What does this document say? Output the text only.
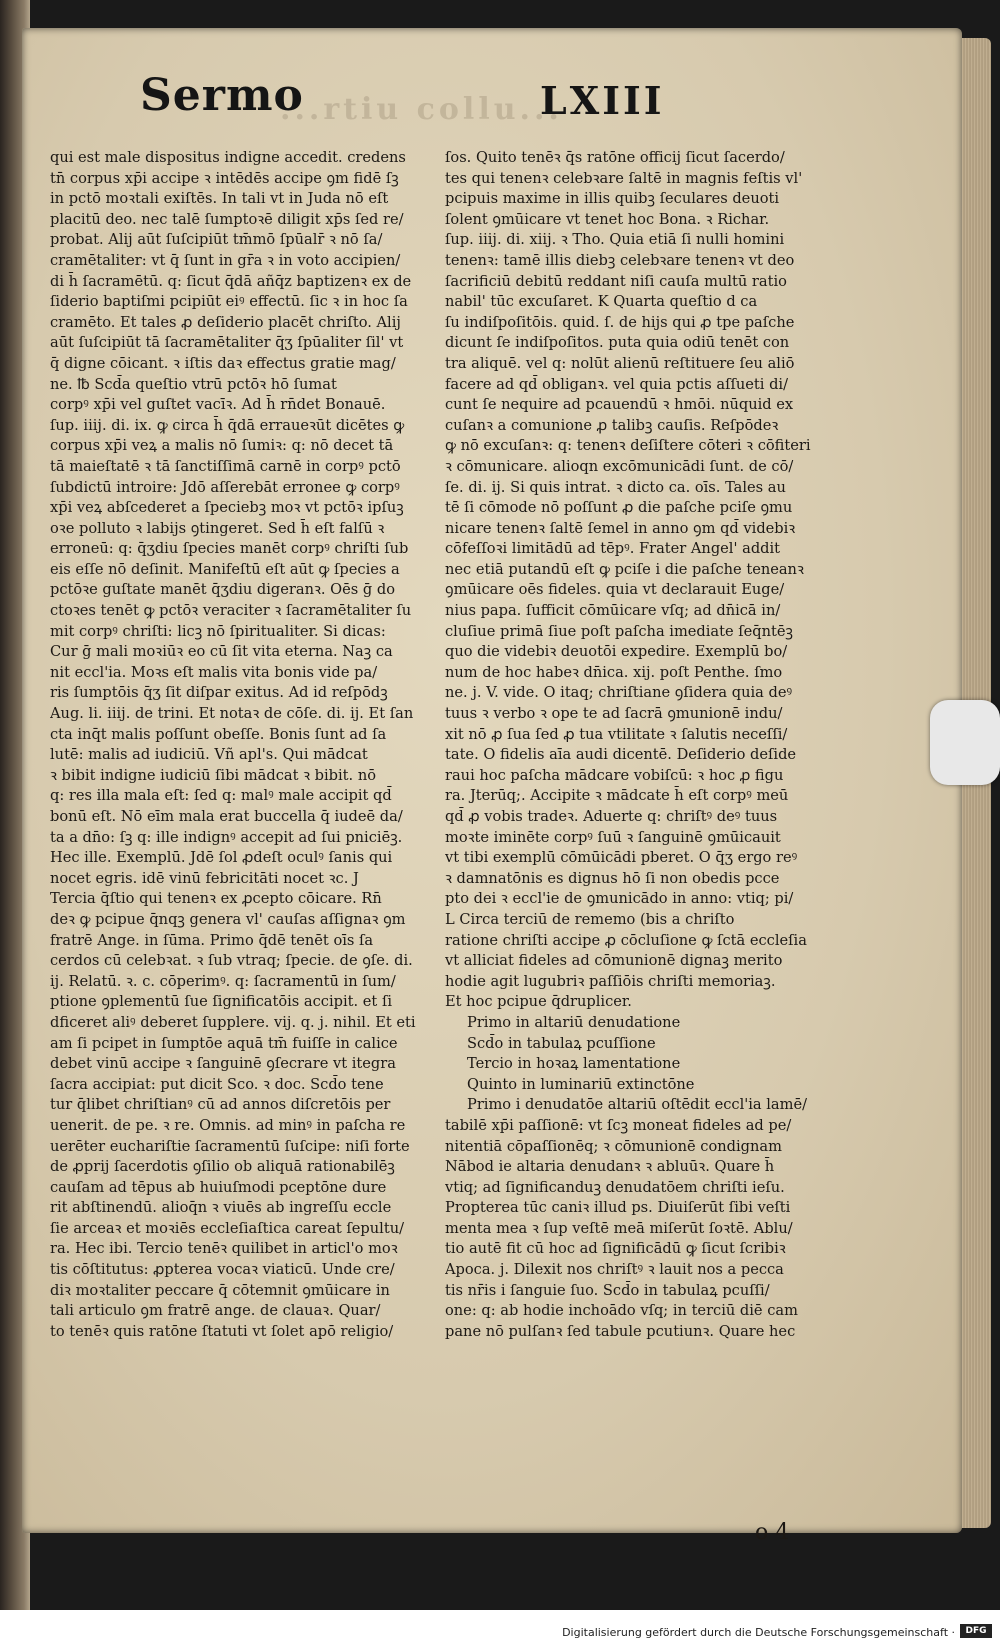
...rtiu collu...
Sermo	LXIII
qui est male dispositus indigne accedit. credens
tn̄ corpus xp̄i accipe ꝛ intēdēs accipe ꝯm fidē ſꝫ
in pctō moꝛtali exiſtēs. In tali vt in Juda nō eſt
placitū deo. nec talē ſumptoꝛē diligit xp̄s ſed re/
probat. Alij aūt ſuſcipiūt tm̄mō ſpūalr̄ ꝛ nō ſa/
cramētaliter: vt q̄ ſunt in gr̄a ꝛ in voto accipien/
di h̄ ſacramētū. q: ſicut q̄dā añq̄z baptizenꝛ ex de
ſiderio baptiſmi pcipiūt eiꝰ effectū. ſic ꝛ in hoc ſa
cramēto. Et tales ꝓ deſiderio placēt chriſto. Alij
aūt ſuſcipiūt tā ſacramētaliter q̄ʒ ſpūaliter ſil' vt
q̄ digne cōicant. ꝛ iſtis daꝛ effectus gratie mag/
ne. ℔ Scd̄a queſtio vtrū pctōꝛ hō ſumat
corpꝰ xp̄i vel guſtet vacīꝛ. Ad h̄ rn̄det Bonauē.
ſup. iiij. di. ix. ꝙ circa h̄ q̄dā erraueꝛūt dicētes ꝙ
corpus xp̄i veꝝ a malis nō ſumiꝛ: q: nō decet tā
tā maieſtatē ꝛ tā ſanctiſſimā carnē in corpꝰ pctō
ſubdictū introire: Jdō aſſerebāt erronee ꝙ corpꝰ
xp̄i veꝝ abſcederet a ſpeciebꝫ moꝛ vt pctōꝛ ipſuꝫ
oꝛe polluto ꝛ labijs ꝯtingeret. Sed h̄ eſt falſū ꝛ
erroneū: q: q̄ʒdiu ſpecies manēt corpꝰ chriſti ſub
eis eſſe nō deſinit. Manifeſtū eſt aūt ꝙ ſpecies a
pctōꝛe guſtate manēt q̄ʒdiu digeranꝛ. Oēs ḡ do
ctoꝛes tenēt ꝙ pctōꝛ veraciter ꝛ ſacramētaliter ſu
mit corpꝰ chriſti: licꝫ nō ſpiritualiter. Si dicas:
Cur ḡ mali moꝛiūꝛ eo cū ſit vita eterna. Naꝫ ca
nit eccl'ia. Moꝛs eſt malis vita bonis vide pa/
ris ſumptōis q̄ʒ ſit diſpar exitus. Ad id reſpōdꝫ
Aug. li. iiij. de trini. Et notaꝛ de cōſe. di. ij. Et ſan
cta inq̄t malis poſſunt obeſſe. Bonis ſunt ad ſa
lutē: malis ad iudiciū. Vñ apl's. Qui mādcat
ꝛ bibit indigne iudiciū ſibi mādcat ꝛ bibit. nō
q: res illa mala eſt: ſed q: malꝰ male accipit qd̄
bonū eſt. Nō eīm mala erat buccella q̄ iudeē da/
ta a dn̄o: ſꝫ q: ille indignꝰ accepit ad ſui pniciēꝫ.
Hec ille. Exemplū. Jdē ſol ꝓdeſt oculꝰ ſanis qui
nocet egris. idē vinū febricitāti nocet ꝛc. J
Tercia q̄ſtio qui tenenꝛ ex ꝓcepto cōicare. Rn̄
deꝛ ꝙ pcipue q̄nqꝫ genera vl' cauſas aſſignaꝛ ꝯm
fratrē Ange. in ſūma. Primo q̄dē tenēt oīs ſa
cerdos cū celebꝛat. ꝛ ſub vtraq; ſpecie. de ꝯſe. di.
ij. Relatū. ꝛ. c. cōperimꝰ. q: ſacramentū in ſum/
ptione ꝯplementū ſue ſignificatōis accipit. et ſi
dficeret aliꝰ deberet ſupplere. vij. q. j. nihil. Et eti
am ſi pcipet in ſumptōe aquā tm̄ fuiſſe in calice
debet vinū accipe ꝛ ſanguinē ꝯſecrare vt itegra
ſacra accipiat: put dicit Sco. ꝛ doc. Scd̄o tene
tur q̄libet chriſtianꝰ cū ad annos diſcretōis per
uenerit. de pe. ꝛ re. Omnis. ad minꝰ in paſcha re
uerēter euchariſtie ſacramentū ſuſcipe: niſi forte
de ꝓprij ſacerdotis ꝯſilio ob aliquā rationabilēꝫ
cauſam ad tēpus ab huiuſmodi pceptōne dure
rit abſtinendū. alioq̄n ꝛ viuēs ab ingreſſu eccle
ſie arceaꝛ et moꝛiēs eccleſiaſtica careat ſepultu/
ra. Hec ibi. Tercio tenēꝛ quilibet in articl'o moꝛ
tis cōſtitutus: ꝓpterea vocaꝛ viaticū. Unde cre/
diꝛ moꝛtaliter peccare q̄ cōtemnit ꝯmūicare in
tali articulo ꝯm fratrē ange. de clauaꝛ. Quar/
to tenēꝛ quis ratōne ſtatuti vt ſolet apō religio/
ſos. Quito tenēꝛ q̄s ratōne officij ſicut ſacerdo/
tes qui tenenꝛ celebꝛare ſaltē in magnis feſtis vl'
pcipuis maxime in illis quibꝫ ſeculares deuoti
ſolent ꝯmūicare vt tenet hoc Bona. ꝛ Richar.
ſup. iiij. di. xiij. ꝛ Tho. Quia etiā ſi nulli homini
tenenꝛ: tamē illis diebꝫ celebꝛare tenenꝛ vt deo
ſacrificiū debitū reddant niſi cauſa multū ratio
nabil' tūc excuſaret. K Quarta queſtio d ca
ſu indiſpoſitōis. quid. ſ. de hijs qui ꝓ tpe paſche
dicunt ſe indiſpoſitos. puta quia odiū tenēt con
tra aliquē. vel q: nolūt alienū reſtituere ſeu aliō
facere ad qd̄ obliganꝛ. vel quia pctis aſſueti di/
cunt ſe nequire ad pcauendū ꝛ hmōi. nūquid ex
cuſanꝛ a comunione ꝓ talibꝫ cauſis. Reſpōdeꝛ
ꝙ nō excuſanꝛ: q: tenenꝛ deſiſtere cōteri ꝛ cōfiteri
ꝛ cōmunicare. alioqn excōmunicādi ſunt. de cō/
ſe. di. ij. Si quis intrat. ꝛ dicto ca. oīs. Tales au
tē ſi cōmode nō poſſunt ꝓ die paſche pciſe ꝯmu
nicare tenenꝛ ſaltē ſemel in anno ꝯm qd̄ videbiꝛ
cōfeſſoꝛi limitādū ad tēpꝰ. Frater Angel' addit
nec etiā putandū eſt ꝙ pciſe i die paſche teneanꝛ
ꝯmūicare oēs fideles. quia vt declarauit Euge/
nius papa. ſufficit cōmūicare vſq; ad dn̄icā in/
cluſiue primā ſiue poſt paſcha imediate ſeq̄ntēꝫ
quo die videbiꝛ deuotōi expedire. Exemplū bo/
num de hoc habeꝛ dn̄ica. xij. poſt Penthe. ſmo
ne. j. V. vide. O itaq; chriſtiane ꝯſidera quia deꝰ
tuus ꝛ verbo ꝛ ope te ad ſacrā ꝯmunionē indu/
xit nō ꝓ ſua ſed ꝓ tua vtilitate ꝛ ſalutis neceſſi/
tate. O fidelis aīa audi dicentē. Deſiderio deſide
raui hoc paſcha mādcare vobiſcū: ꝛ hoc ꝓ figu
ra. Jterūq;. Accipite ꝛ mādcate h̄ eſt corpꝰ meū
qd̄ ꝓ vobis tradeꝛ. Aduerte q: chriſtꝰ deꝰ tuus
moꝛte iminēte corpꝰ ſuū ꝛ ſanguinē ꝯmūicauit
vt tibi exemplū cōmūicādi pberet. O q̄ʒ ergo reꝰ
ꝛ damnatōnis es dignus hō ſi non obedis pcce
pto dei ꝛ eccl'ie de ꝯmunicādo in anno: vtiq; pi/
L Circa terciū de rememo (bis a chriſto
ratione chriſti accipe ꝓ cōcluſione ꝙ ſctā eccleſia
vt alliciat fideles ad cōmunionē dignaꝫ merito
hodie agit lugubriꝛ paſſiōis chriſti memoriaꝫ.
Et hoc pcipue q̄druplicer.
Primo in altariū denudatione
Scd̄o in tabulaꝝ pcuſſione
Tercio in hoꝛaꝝ lamentatione
Quinto in luminariū extinctōne
Primo i denudatōe altariū oſtēdit eccl'ia lamē/
tabilē xp̄i paſſionē: vt ſcꝫ moneat fideles ad pe/
nitentiā cōpaſſionēq; ꝛ cōmunionē condignam
Nābod ie altaria denudanꝛ ꝛ abluūꝛ. Quare h̄
vtiq; ad ſignificanduꝫ denudatōem chriſti ieſu.
Propterea tūc caniꝛ illud ps. Diuiſerūt ſibi veſti
menta mea ꝛ ſup veſtē meā miſerūt ſoꝛtē. Ablu/
tio autē fit cū hoc ad ſignificādū ꝙ ſicut ſcribiꝛ
Apoca. j. Dilexit nos chriſtꝰ ꝛ lauit nos a pecca
tis nr̄is i ſanguie ſuo. Scd̄o in tabulaꝝ pcuſſi/
one: q: ab hodie inchoādo vſq; in terciū diē cam
pane nō pulſanꝛ ſed tabule pcutiunꝛ. Quare hec
o 4
Digitalisierung gefördert durch die Deutsche Forschungsgemeinschaft ·	DFG
